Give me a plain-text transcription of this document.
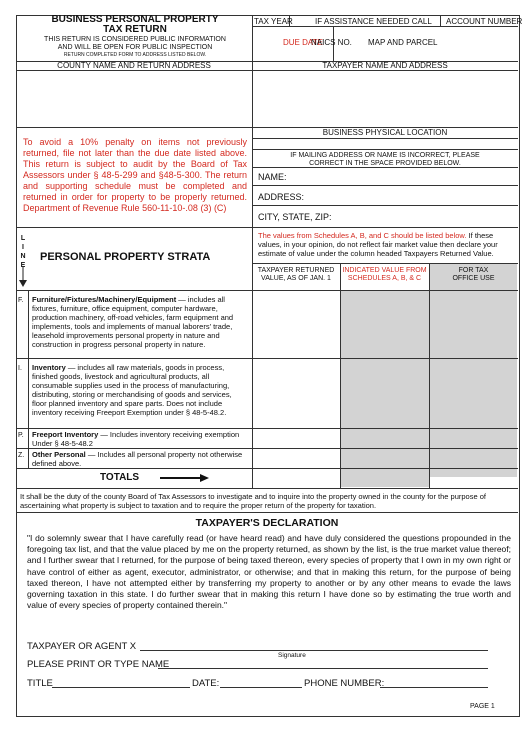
BUSINESS PERSONAL PROPERTY
TAX RETURN
THIS RETURN IS CONSIDERED PUBLIC INFORMATION
AND WILL BE OPEN FOR PUBLIC INSPECTION
RETURN COMPLETED FORM TO ADDRESS LISTED BELOW.
TAX YEAR	IF ASSISTANCE NEEDED CALL ACCOUNT NUMBER
DUE DATE
NAICS NO. MAP AND PARCEL
COUNTY NAME AND RETURN ADDRESS	TAXPAYER NAME AND ADDRESS
To avoid a 10% penalty on items not previously returned, file not later than the due date listed above. This return is subject to audit by the Board of Tax Assessors under § 48-5-299 and §48-5-300. The return and supporting schedule must be completed and returned in order for property to be properly returned. Department of Revenue Rule 560-11-10-.08 (3) (C)
BUSINESS PHYSICAL LOCATION
IF MAILING ADDRESS OR NAME IS INCORRECT, PLEASE
CORRECT IN THE SPACE PROVIDED BELOW.
NAME:
ADDRESS:
CITY, STATE, ZIP:
L
I
N
E
PERSONAL PROPERTY STRATA
The values from Schedules A, B, and C should be listed below. If these values, in your opinion, do not reflect fair market value then declare your estimate of value under the column headed Taxpayers Returned Value.
TAXPAYER RETURNED
VALUE, AS OF JAN. 1
INDICATED VALUE FROM
SCHEDULES A, B, & C
FOR TAX
OFFICE USE
F. Furniture/Fixtures/Machinery/Equipment — includes all fixtures, furniture, office equipment, computer hardware, production machinery, off-road vehicles, farm equipment and implements, tools and implements of manual laborers' trade, leasehold improvements personal property in nature and construction in progress personal property in nature.
I. Inventory — includes all raw materials, goods in process, finished goods, livestock and agricultural products, all consumable supplies used in the process of manufacturing, distributing, storing or merchandising of goods and services, floor planned inventory and spare parts. Does not include inventory receiving Freeport Exemption under § 48-5-48.2.
P. Freeport Inventory — Includes inventory receiving exemption Under § 48-5-48.2
Z. Other Personal — Includes all personal property not otherwise defined above.
TOTALS
It shall be the duty of the county Board of Tax Assessors to investigate and to inquire into the property owned in the county for the purpose of ascertaining what property is subject to taxation and to require the proper return of the property for taxation.
TAXPAYER'S DECLARATION
"I do solemnly swear that I have carefully read (or have heard read) and have duly considered the questions propounded in the foregoing tax list, and that the value placed by me on the property returned, as shown by the list, is the true market value thereof; and I further swear that I returned, for the purpose of being taxed thereon, every species of property that I own in my own right or have control of either as agent, executor, administrator, or otherwise; and that in making this return, for the purpose of being taxed thereon, I have not attempted either by transferring my property to another or by any other means to evade the laws governing taxation in this state. I do further swear that in making this return I have done so by estimating the true worth and value of every species of property contained therein."
TAXPAYER OR AGENT X
Signature
PLEASE PRINT OR TYPE NAME
TITLE	DATE:	PHONE NUMBER:
PAGE 1
